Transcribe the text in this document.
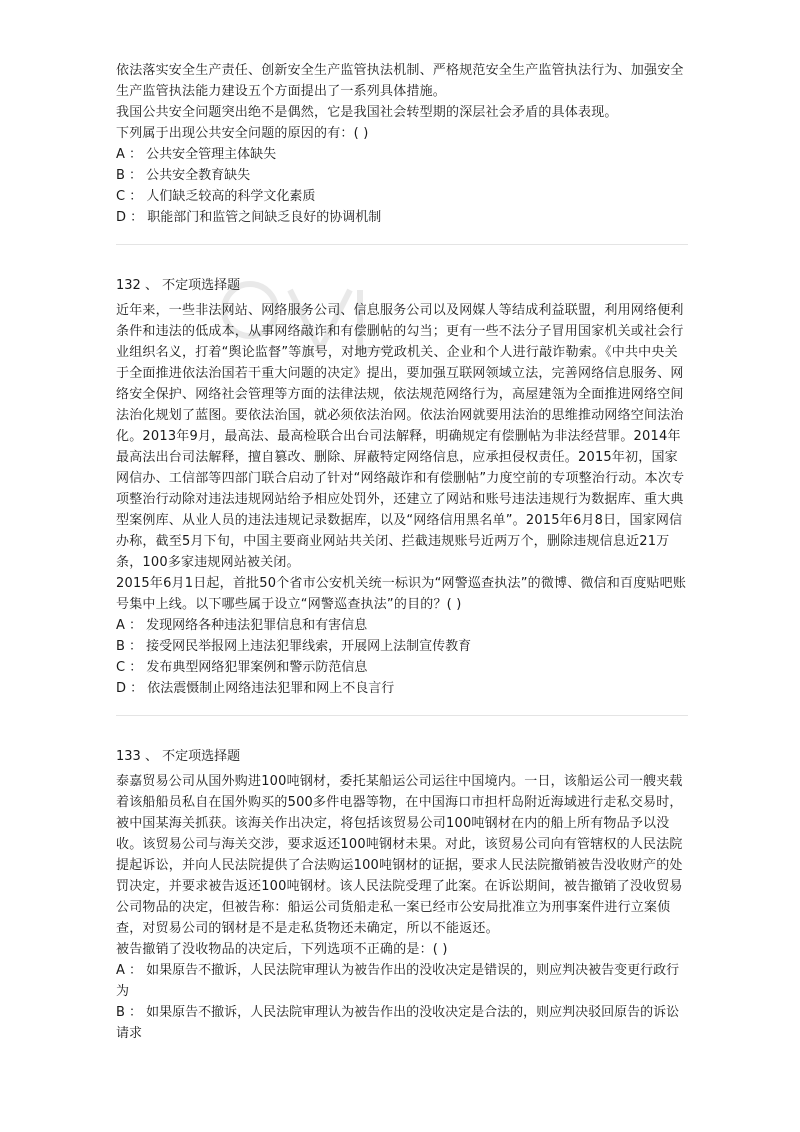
依法落实安全生产责任、创新安全生产监管执法机制、严格规范安全生产监管执法行为、加强安全生产监管执法能力建设五个方面提出了一系列具体措施。

我国公共安全问题突出绝不是偶然，它是我国社会转型期的深层社会矛盾的具体表现。

下列属于出现公共安全问题的原因的有：( )

A ： 公共安全管理主体缺失

B ： 公共安全教育缺失

C ： 人们缺乏较高的科学文化素质

D ： 职能部门和监管之间缺乏良好的协调机制

132 、 不定项选择题

近年来，一些非法网站、网络服务公司、信息服务公司以及网媒人等结成利益联盟，利用网络便利条件和违法的低成本，从事网络敲诈和有偿删帖的勾当；更有一些不法分子冒用国家机关或社会行业组织名义，打着“舆论监督”等旗号，对地方党政机关、企业和个人进行敲诈勒索。《中共中央关于全面推进依法治国若干重大问题的决定》提出，要加强互联网领域立法，完善网络信息服务、网络安全保护、网络社会管理等方面的法律法规，依法规范网络行为，高屋建瓴为全面推进网络空间法治化规划了蓝图。要依法治国，就必须依法治网。依法治网就要用法治的思维推动网络空间法治化。2013年9月，最高法、最高检联合出台司法解释，明确规定有偿删帖为非法经营罪。2014年最高法出台司法解释，擅自篡改、删除、屏蔽特定网络信息，应承担侵权责任。2015年初，国家网信办、工信部等四部门联合启动了针对“网络敲诈和有偿删帖”力度空前的专项整治行动。本次专项整治行动除对违法违规网站给予相应处罚外，还建立了网站和账号违法违规行为数据库、重大典型案例库、从业人员的违法违规记录数据库，以及“网络信用黑名单”。2015年6月8日，国家网信办称，截至5月下旬，中国主要商业网站共关闭、拦截违规账号近两万个，删除违规信息近21万条，100多家违规网站被关闭。

2015年6月1日起，首批50个省市公安机关统一标识为“网警巡查执法”的微博、微信和百度贴吧账号集中上线。以下哪些属于设立“网警巡查执法”的目的？( )

A ： 发现网络各种违法犯罪信息和有害信息

B ： 接受网民举报网上违法犯罪线索，开展网上法制宣传教育

C ： 发布典型网络犯罪案例和警示防范信息

D ： 依法震慑制止网络违法犯罪和网上不良言行

133 、 不定项选择题

泰嘉贸易公司从国外购进100吨钢材，委托某船运公司运往中国境内。一日，该船运公司一艘夹载着该船船员私自在国外购买的500多件电器等物，在中国海口市担杆岛附近海域进行走私交易时，被中国某海关抓获。该海关作出决定，将包括该贸易公司100吨钢材在内的船上所有物品予以没收。该贸易公司与海关交涉，要求返还100吨钢材未果。对此，该贸易公司向有管辖权的人民法院提起诉讼，并向人民法院提供了合法购运100吨钢材的证据，要求人民法院撤销被告没收财产的处罚决定，并要求被告返还100吨钢材。该人民法院受理了此案。在诉讼期间，被告撤销了没收贸易公司物品的决定，但被告称：船运公司货船走私一案已经市公安局批准立为刑事案件进行立案侦查，对贸易公司的钢材是不是走私货物还未确定，所以不能返还。

被告撤销了没收物品的决定后，下列选项不正确的是：( )

A ： 如果原告不撤诉，人民法院审理认为被告作出的没收决定是错误的，则应判决被告变更行政行为

B ： 如果原告不撤诉，人民法院审理认为被告作出的没收决定是合法的，则应判决驳回原告的诉讼请求
